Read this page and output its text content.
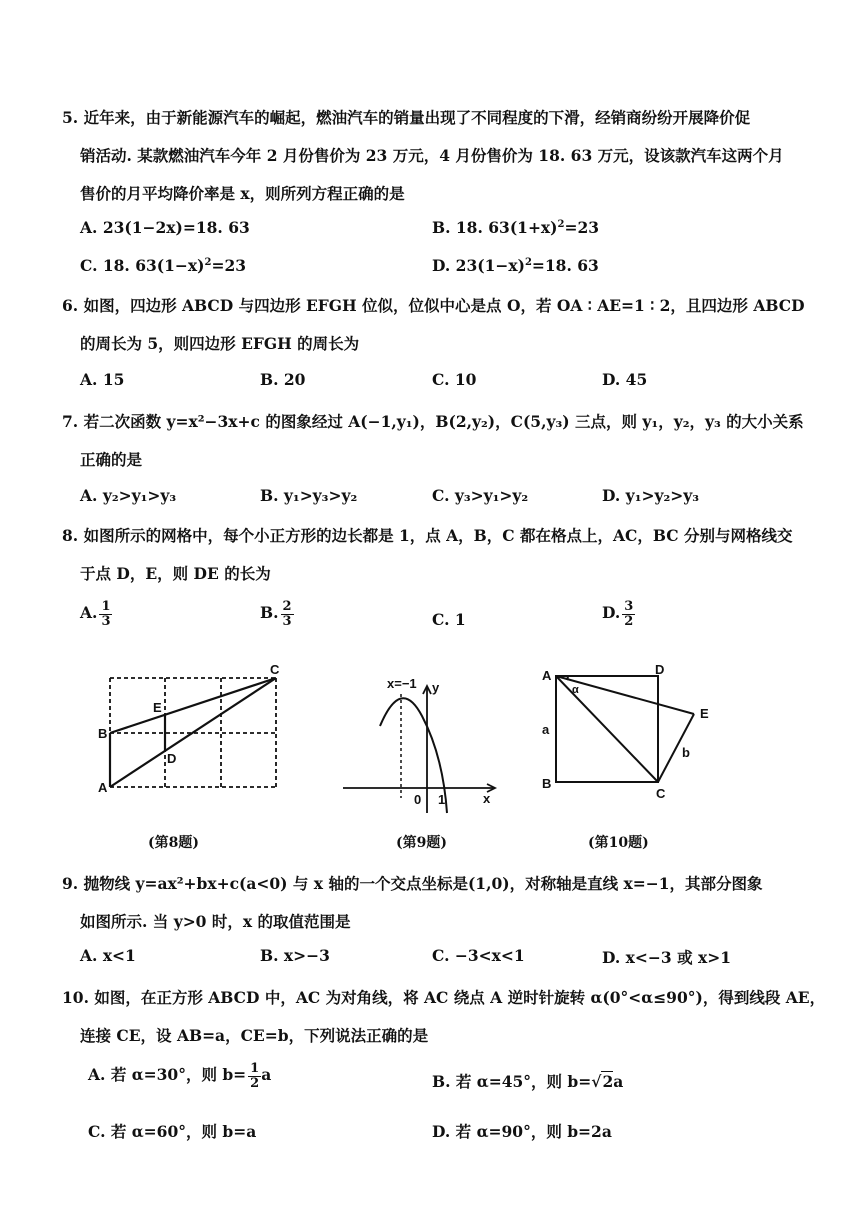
5. 近年来，由于新能源汽车的崛起，燃油汽车的销量出现了不同程度的下滑，经销商纷纷开展降价促
销活动. 某款燃油汽车今年 2 月份售价为 23 万元，4 月份售价为 18. 63 万元，设该款汽车这两个月
售价的月平均降价率是 x，则所列方程正确的是
A. 23(1−2x)=18. 63	B. 18. $63(1+x)^2=23$
C. 18. $63(1-x)^2=23$	D. $23(1-x)^2=18$. 63
6. 如图，四边形 ABCD 与四边形 EFGH 位似，位似中心是点 O，若 OA ∶ AE=1 ∶ 2，且四边形 ABCD
的周长为 5，则四边形 EFGH 的周长为
A. 15	B. 20	C. 10	D. 45
7. 若二次函数 y=x²−3x+c 的图象经过 A(−1,y₁)，B(2,y₂)，C(5,y₃) 三点，则 y₁，y₂，y₃ 的大小关系
正确的是
A. y₂>y₁>y₃	B. y₁>y₃>y₂	C. y₃>y₁>y₂	D. y₁>y₂>y₃
8. 如图所示的网格中，每个小正方形的边长都是 1，点 A，B，C 都在格点上，AC，BC 分别与网格线交
于点 D，E，则 DE 的长为
A. $\frac{1}{3}$	B. $\frac{2}{3}$	C. 1	D. $\frac{3}{2}$
A
B
C
D
E
(第8题)
x=−1 y
x
0 1
(第9题)
A	D
B
C
E
a
b
α
(第10题)
9. 抛物线 y=ax²+bx+c(a<0) 与 x 轴的一个交点坐标是(1,0)，对称轴是直线 x=−1，其部分图象
如图所示. 当 y>0 时，x 的取值范围是
A. x<1	B. x>−3	C. −3<x<1	D. x<−3 或 x>1
10. 如图，在正方形 ABCD 中，AC 为对角线，将 AC 绕点 A 逆时针旋转 α(0°<α≤90°)，得到线段 AE，
连接 CE，设 AB=a，CE=b，下列说法正确的是
A. 若 α=30°，则 $b= \frac{1}{2}$ a	B. 若 α=45°，则 b=√2a
C. 若 α=60°，则 b=a	D. 若 α=90°，则 b=2a
